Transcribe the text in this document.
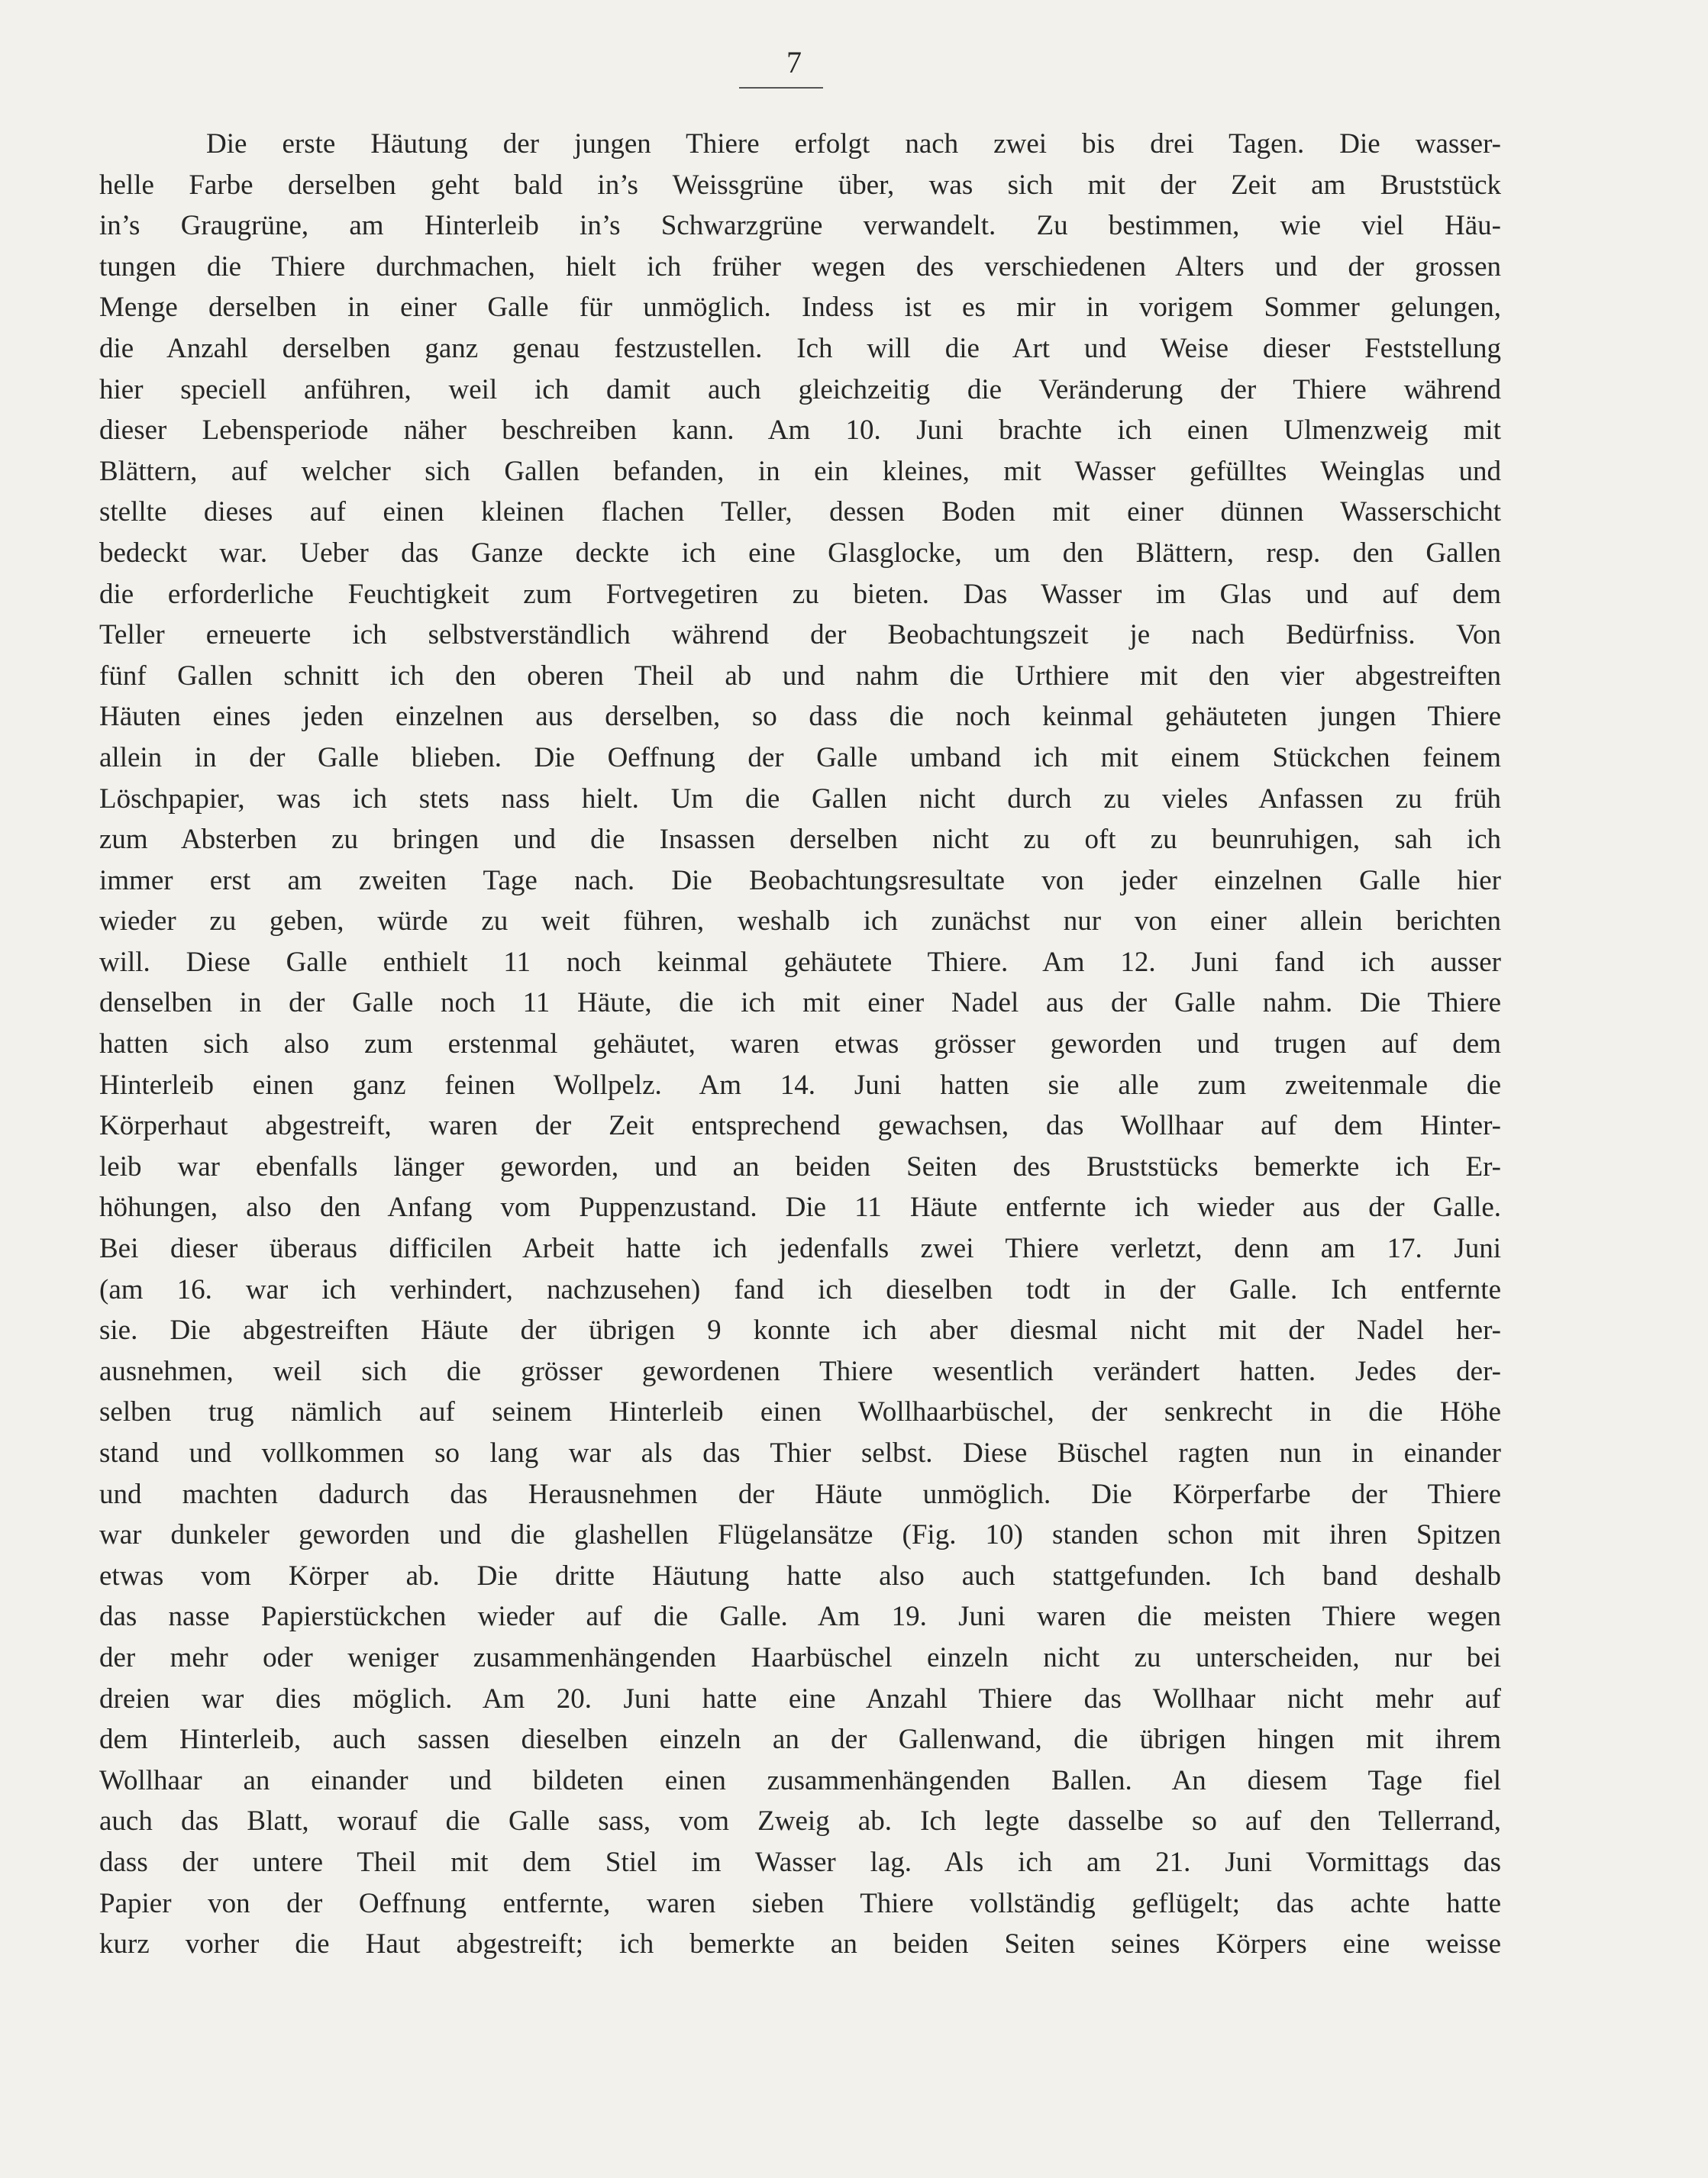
7
Die erste Häutung der jungen Thiere erfolgt nach zwei bis drei Tagen. Die wasser-
helle Farbe derselben geht bald in’s Weissgrüne über, was sich mit der Zeit am Bruststück
in’s Graugrüne, am Hinterleib in’s Schwarzgrüne verwandelt. Zu bestimmen, wie viel Häu-
tungen die Thiere durchmachen, hielt ich früher wegen des verschiedenen Alters und der grossen
Menge derselben in einer Galle für unmöglich. Indess ist es mir in vorigem Sommer gelungen,
die Anzahl derselben ganz genau festzustellen. Ich will die Art und Weise dieser Feststellung
hier speciell anführen, weil ich damit auch gleichzeitig die Veränderung der Thiere während
dieser Lebensperiode näher beschreiben kann. Am 10. Juni brachte ich einen Ulmenzweig mit
Blättern, auf welcher sich Gallen befanden, in ein kleines, mit Wasser gefülltes Weinglas und
stellte dieses auf einen kleinen flachen Teller, dessen Boden mit einer dünnen Wasserschicht
bedeckt war. Ueber das Ganze deckte ich eine Glasglocke, um den Blättern, resp. den Gallen
die erforderliche Feuchtigkeit zum Fortvegetiren zu bieten. Das Wasser im Glas und auf dem
Teller erneuerte ich selbstverständlich während der Beobachtungszeit je nach Bedürfniss. Von
fünf Gallen schnitt ich den oberen Theil ab und nahm die Urthiere mit den vier abgestreiften
Häuten eines jeden einzelnen aus derselben, so dass die noch keinmal gehäuteten jungen Thiere
allein in der Galle blieben. Die Oeffnung der Galle umband ich mit einem Stückchen feinem
Löschpapier, was ich stets nass hielt. Um die Gallen nicht durch zu vieles Anfassen zu früh
zum Absterben zu bringen und die Insassen derselben nicht zu oft zu beunruhigen, sah ich
immer erst am zweiten Tage nach. Die Beobachtungsresultate von jeder einzelnen Galle hier
wieder zu geben, würde zu weit führen, weshalb ich zunächst nur von einer allein berichten
will. Diese Galle enthielt 11 noch keinmal gehäutete Thiere. Am 12. Juni fand ich ausser
denselben in der Galle noch 11 Häute, die ich mit einer Nadel aus der Galle nahm. Die Thiere
hatten sich also zum erstenmal gehäutet, waren etwas grösser geworden und trugen auf dem
Hinterleib einen ganz feinen Wollpelz. Am 14. Juni hatten sie alle zum zweitenmale die
Körperhaut abgestreift, waren der Zeit entsprechend gewachsen, das Wollhaar auf dem Hinter-
leib war ebenfalls länger geworden, und an beiden Seiten des Bruststücks bemerkte ich Er-
höhungen, also den Anfang vom Puppenzustand. Die 11 Häute entfernte ich wieder aus der Galle.
Bei dieser überaus difficilen Arbeit hatte ich jedenfalls zwei Thiere verletzt, denn am 17. Juni
(am 16. war ich verhindert, nachzusehen) fand ich dieselben todt in der Galle. Ich entfernte
sie. Die abgestreiften Häute der übrigen 9 konnte ich aber diesmal nicht mit der Nadel her-
ausnehmen, weil sich die grösser gewordenen Thiere wesentlich verändert hatten. Jedes der-
selben trug nämlich auf seinem Hinterleib einen Wollhaarbüschel, der senkrecht in die Höhe
stand und vollkommen so lang war als das Thier selbst. Diese Büschel ragten nun in einander
und machten dadurch das Herausnehmen der Häute unmöglich. Die Körperfarbe der Thiere
war dunkeler geworden und die glashellen Flügelansätze (Fig. 10) standen schon mit ihren Spitzen
etwas vom Körper ab. Die dritte Häutung hatte also auch stattgefunden. Ich band deshalb
das nasse Papierstückchen wieder auf die Galle. Am 19. Juni waren die meisten Thiere wegen
der mehr oder weniger zusammenhängenden Haarbüschel einzeln nicht zu unterscheiden, nur bei
dreien war dies möglich. Am 20. Juni hatte eine Anzahl Thiere das Wollhaar nicht mehr auf
dem Hinterleib, auch sassen dieselben einzeln an der Gallenwand, die übrigen hingen mit ihrem
Wollhaar an einander und bildeten einen zusammenhängenden Ballen. An diesem Tage fiel
auch das Blatt, worauf die Galle sass, vom Zweig ab. Ich legte dasselbe so auf den Tellerrand,
dass der untere Theil mit dem Stiel im Wasser lag. Als ich am 21. Juni Vormittags das
Papier von der Oeffnung entfernte, waren sieben Thiere vollständig geflügelt; das achte hatte
kurz vorher die Haut abgestreift; ich bemerkte an beiden Seiten seines Körpers eine weisse
